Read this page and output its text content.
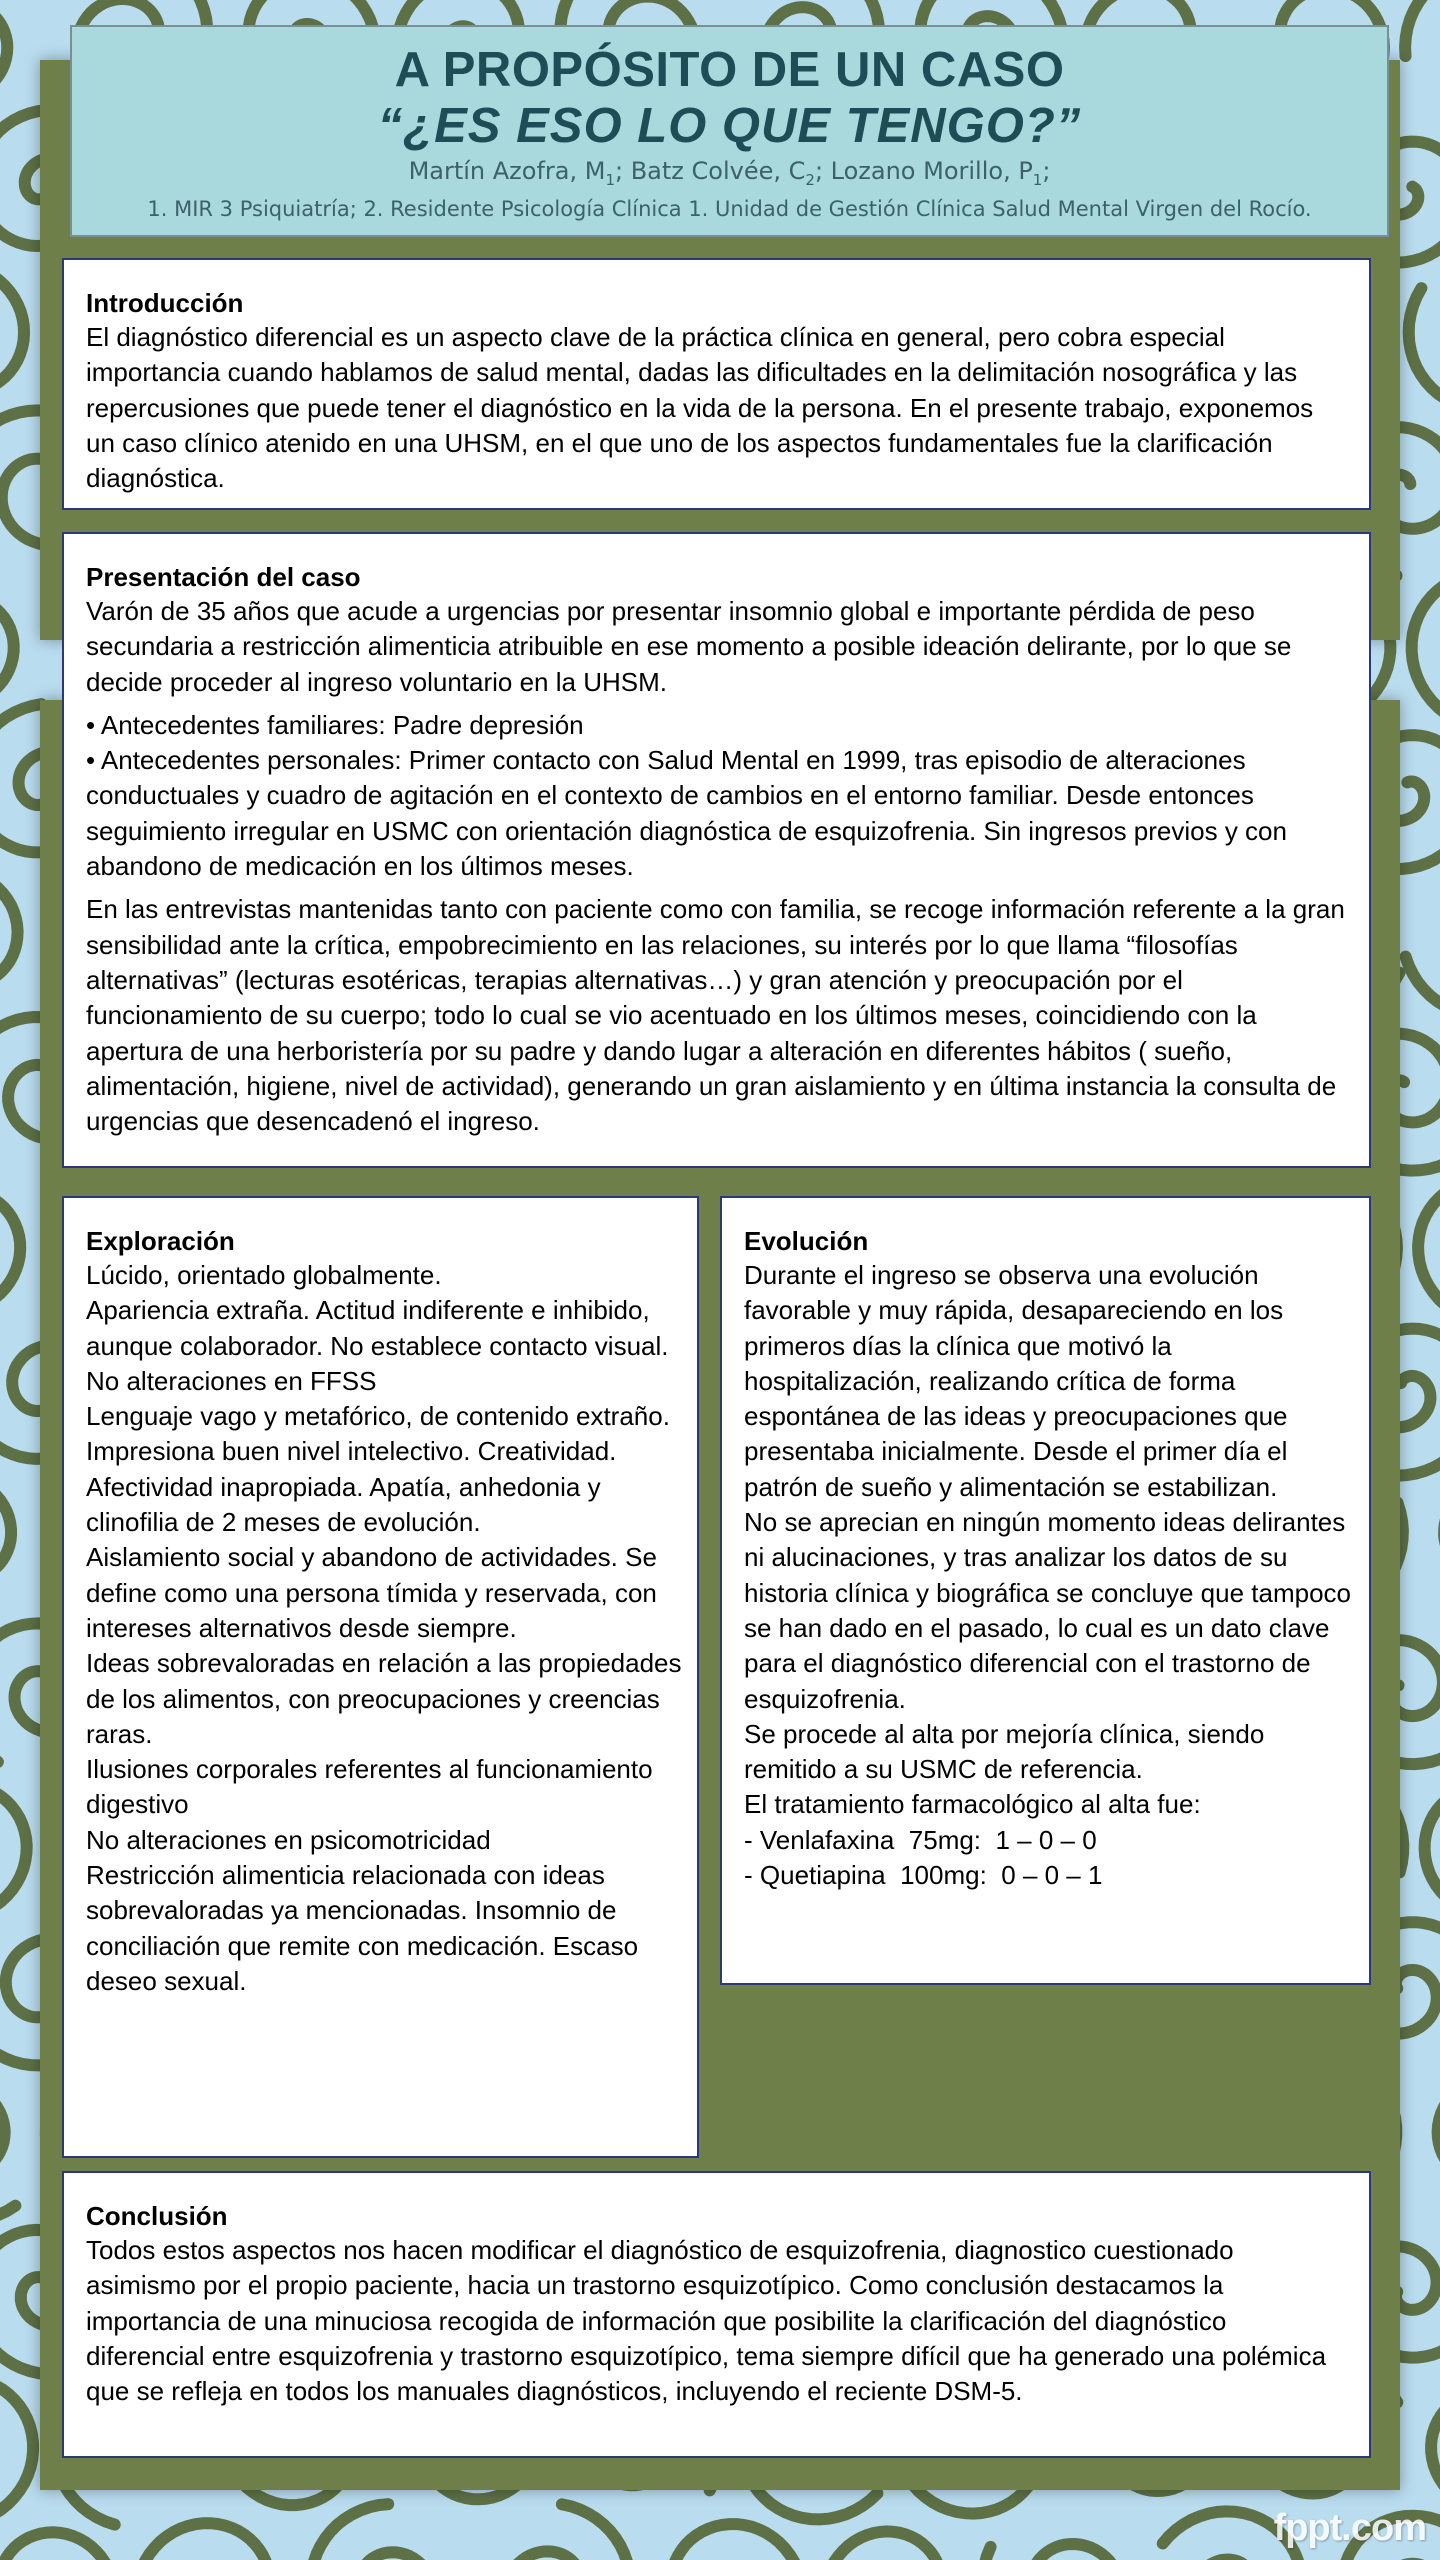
A PROPÓSITO DE UN CASO
“¿ES ESO LO QUE TENGO?”
Martín Azofra, $M_1$; Batz Colvée, $C_2$; Lozano Morillo, $P_1$;
1. MIR 3 Psiquiatría; 2. Residente Psicología Clínica 1. Unidad de Gestión Clínica Salud Mental Virgen del Rocío.
Introducción

El diagnóstico diferencial es un aspecto clave de la práctica clínica en general, pero cobra especial importancia cuando hablamos de salud mental, dadas las dificultades en la delimitación nosográfica y las repercusiones que puede tener el diagnóstico en la vida de la persona. En el presente trabajo, exponemos un caso clínico atenido en una UHSM, en el que uno de los aspectos fundamentales fue la clarificación diagnóstica.

Presentación del caso

Varón de 35 años que acude a urgencias por presentar insomnio global e importante pérdida de peso secundaria a restricción alimenticia atribuible en ese momento a posible ideación delirante, por lo que se decide proceder al ingreso voluntario en la UHSM.

• Antecedentes familiares: Padre depresión
• Antecedentes personales: Primer contacto con Salud Mental en 1999, tras episodio de alteraciones conductuales y cuadro de agitación en el contexto de cambios en el entorno familiar. Desde entonces seguimiento irregular en USMC con orientación diagnóstica de esquizofrenia. Sin ingresos previos y con abandono de medicación en los últimos meses.

En las entrevistas mantenidas tanto con paciente como con familia, se recoge información referente a la gran sensibilidad ante la crítica, empobrecimiento en las relaciones, su interés por lo que llama “filosofías alternativas” (lecturas esotéricas, terapias alternativas…) y gran atención y preocupación por el funcionamiento de su cuerpo; todo lo cual se vio acentuado en los últimos meses, coincidiendo con la apertura de una herboristería por su padre y dando lugar a alteración en diferentes hábitos ( sueño, alimentación, higiene, nivel de actividad), generando un gran aislamiento y en última instancia la consulta de urgencias que desencadenó el ingreso.

Exploración
Lúcido, orientado globalmente.
Apariencia extraña. Actitud indiferente e inhibido, aunque colaborador. No establece contacto visual.
No alteraciones en FFSS
Lenguaje vago y metafórico, de contenido extraño.
Impresiona buen nivel intelectivo. Creatividad.
Afectividad inapropiada. Apatía, anhedonia y clinofilia de 2 meses de evolución.
Aislamiento social y abandono de actividades. Se define como una persona tímida y reservada, con intereses alternativos desde siempre.
Ideas sobrevaloradas en relación a las propiedades de los alimentos, con preocupaciones y creencias raras.
Ilusiones corporales referentes al funcionamiento digestivo
No alteraciones en psicomotricidad
Restricción alimenticia relacionada con ideas sobrevaloradas ya mencionadas. Insomnio de conciliación que remite con medicación. Escaso deseo sexual.
Evolución
Durante el ingreso se observa una evolución favorable y muy rápida, desapareciendo en los primeros días la clínica que motivó la hospitalización, realizando crítica de forma espontánea de las ideas y preocupaciones que presentaba inicialmente. Desde el primer día el patrón de sueño y alimentación se estabilizan.
No se aprecian en ningún momento ideas delirantes ni alucinaciones, y tras analizar los datos de su historia clínica y biográfica se concluye que tampoco se han dado en el pasado, lo cual es un dato clave para el diagnóstico diferencial con el trastorno de esquizofrenia.
Se procede al alta por mejoría clínica, siendo remitido a su USMC de referencia.
El tratamiento farmacológico al alta fue:
- Venlafaxina  75mg:  1 – 0 – 0
- Quetiapina  100mg:  0 – 0 – 1
Conclusión

Todos estos aspectos nos hacen modificar el diagnóstico de esquizofrenia, diagnostico cuestionado asimismo por el propio paciente, hacia un trastorno esquizotípico. Como conclusión destacamos la importancia de una minuciosa recogida de información que posibilite la clarificación del diagnóstico diferencial entre esquizofrenia y trastorno esquizotípico, tema siempre difícil que ha generado una polémica que se refleja en todos los manuales diagnósticos, incluyendo el reciente DSM-5.

fppt.com
